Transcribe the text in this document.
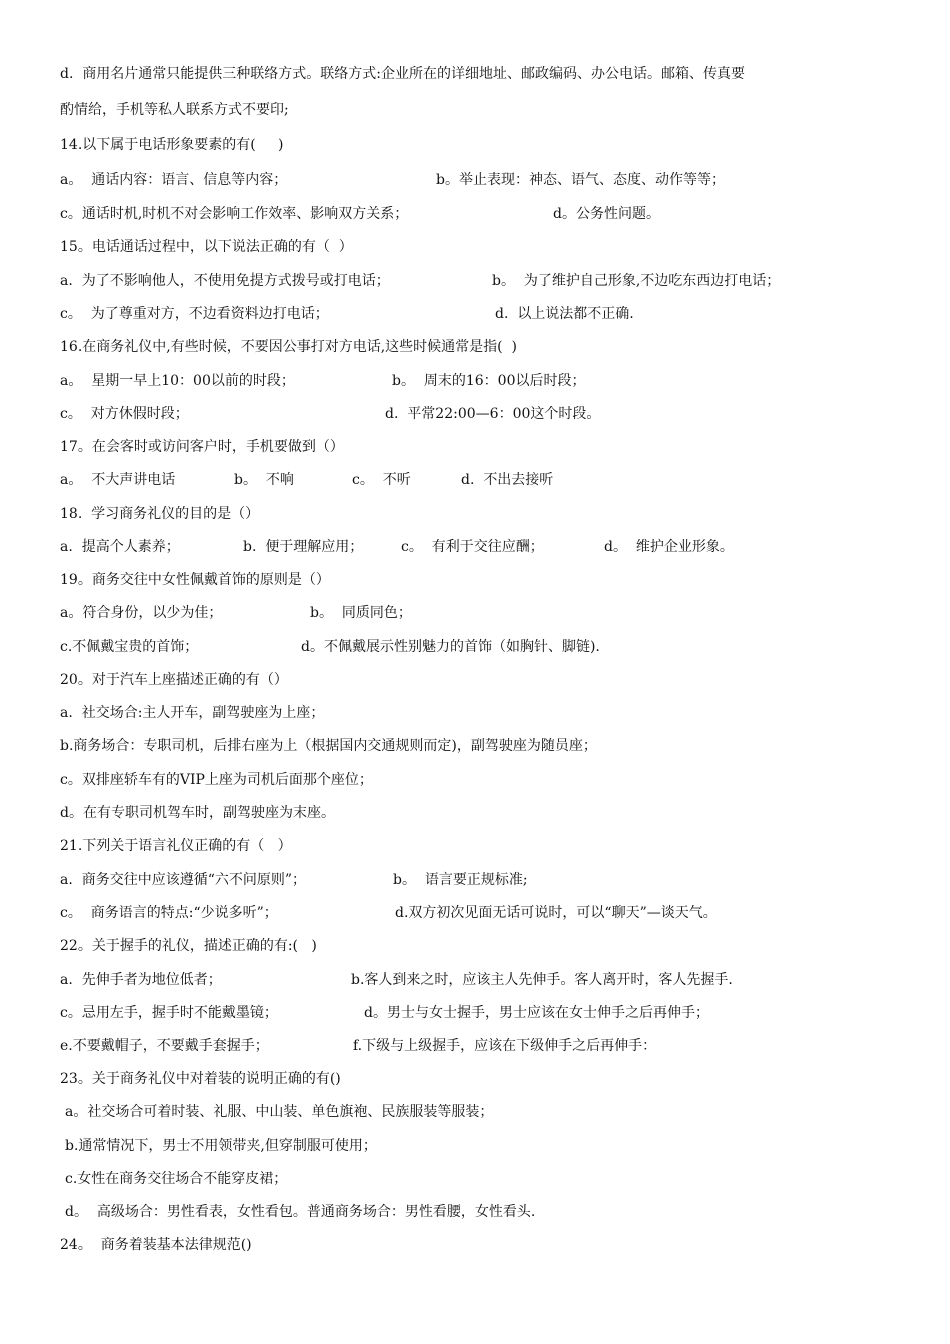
d.  商用名片通常只能提供三种联络方式。联络方式:企业所在的详细地址、邮政编码、办公电话。邮箱、传真要
酌情给，手机等私人联系方式不要印;
14.以下属于电话形象要素的有(     )
a。  通话内容：语言、信息等内容；	b。举止表现：神态、语气、态度、动作等等；
c。通话时机,时机不对会影响工作效率、影响双方关系；	d。公务性问题。
15。电话通话过程中，以下说法正确的有（  ）
a.  为了不影响他人，不使用免提方式拨号或打电话；	b。  为了维护自己形象,不边吃东西边打电话；
c。  为了尊重对方，不边看资料边打电话；	d.  以上说法都不正确.
16.在商务礼仪中,有些时候，不要因公事打对方电话,这些时候通常是指(  )
a。  星期一早上10：00以前的时段；	b。  周末的16：00以后时段；
c。  对方休假时段；	d.  平常22:00—6：00这个时段。
17。在会客时或访问客户时，手机要做到（）
a。  不大声讲电话	b。  不响	c。  不听	d.  不出去接听
18.  学习商务礼仪的目的是（）
a.  提高个人素养；	b.  便于理解应用；	c。  有利于交往应酬；	d。  维护企业形象。
19。商务交往中女性佩戴首饰的原则是（）
a。符合身份，以少为佳；	b。  同质同色；
c.不佩戴宝贵的首饰；	d。不佩戴展示性别魅力的首饰（如胸针、脚链).
20。对于汽车上座描述正确的有（）
a.  社交场合:主人开车，副驾驶座为上座；
b.商务场合：专职司机，后排右座为上（根据国内交通规则而定)，副驾驶座为随员座；
c。双排座轿车有的VIP上座为司机后面那个座位；
d。在有专职司机驾车时，副驾驶座为末座。
21.下列关于语言礼仪正确的有（   ）
a.  商务交往中应该遵循“六不问原则”；	b。  语言要正规标准;
c。  商务语言的特点:“少说多听”；	d.双方初次见面无话可说时，可以“聊天”—谈天气。
22。关于握手的礼仪，描述正确的有:(   )
a.  先伸手者为地位低者；	b.客人到来之时，应该主人先伸手。客人离开时，客人先握手.
c。忌用左手，握手时不能戴墨镜；	d。男士与女士握手，男士应该在女士伸手之后再伸手；
e.不要戴帽子，不要戴手套握手；	f.下级与上级握手，应该在下级伸手之后再伸手：
23。关于商务礼仪中对着装的说明正确的有()
a。社交场合可着时装、礼服、中山装、单色旗袍、民族服装等服装；
b.通常情况下，男士不用领带夹,但穿制服可使用；
c.女性在商务交往场合不能穿皮裙；
d。  高级场合：男性看表，女性看包。普通商务场合：男性看腰，女性看头.
24。  商务着装基本法律规范()
